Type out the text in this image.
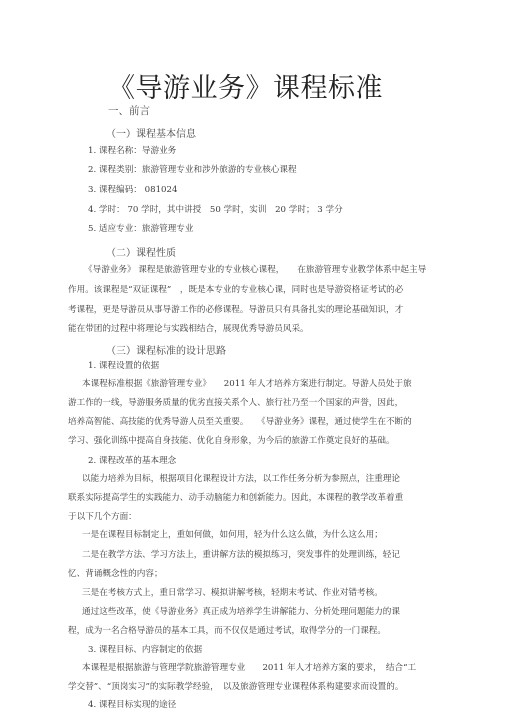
《导游业务》课程标准
一、前言
（一）课程基本信息
1. 课程名称：导游业务
2. 课程类别：旅游管理专业和涉外旅游的专业核心课程
3. 课程编码： 081024
4. 学时： 70 学时，其中讲授　50 学时，实训　20 学时； 3 学分
5. 适应专业：旅游管理专业
（二）课程性质
《导游业务》 课程是旅游管理专业的专业核心课程，　　在旅游管理专业教学体系中起主导
作用。该课程是“双证课程”　，既是本专业的专业核心课，同时也是导游资格证考试的必
考课程，更是导游员从事导游工作的必修课程。导游员只有具备扎实的理论基础知识，才
能在带团的过程中将理论与实践相结合，展现优秀导游员风采。
（三）课程标准的设计思路
1. 课程设置的依据
本课程标准根据《旅游管理专业》　　2011 年人才培养方案进行制定。导游人员处于旅
游工作的一线，导游服务质量的优劣直接关系个人、旅行社乃至一个国家的声誉，因此，
培养高智能、高技能的优秀导游人员至关重要。　　《导游业务》课程，通过使学生在不断的
学习、强化训练中提高自身技能、优化自身形象，为今后的旅游工作奠定良好的基础。
2. 课程改革的基本理念
以能力培养为目标，根据项目化课程设计方法，以工作任务分析为参照点，注重理论
联系实际提高学生的实践能力、动手动脑能力和创新能力。因此，本课程的教学改革着重
于以下几个方面：
一是在课程目标制定上，重如何做，如何用，轻为什么这么做，为什么这么用；
二是在教学方法、学习方法上，重讲解方法的模拟练习，突发事件的处理训练，轻记
忆、背诵概念性的内容；
三是在考核方式上，重日常学习、模拟讲解考核，轻期末考试、作业对错考核。
通过这些改革，使《导游业务》真正成为培养学生讲解能力、分析处理问题能力的课
程，成为一名合格导游员的基本工具，而不仅仅是通过考试，取得学分的一门课程。
3. 课程目标、内容制定的依据
本课程是根据旅游与管理学院旅游管理专业　　2011 年人才培养方案的要求，　结合“工
学交替”、“顶岗实习”的实际教学经验，　以及旅游管理专业课程体系构建要求而设置的。
4. 课程目标实现的途径
